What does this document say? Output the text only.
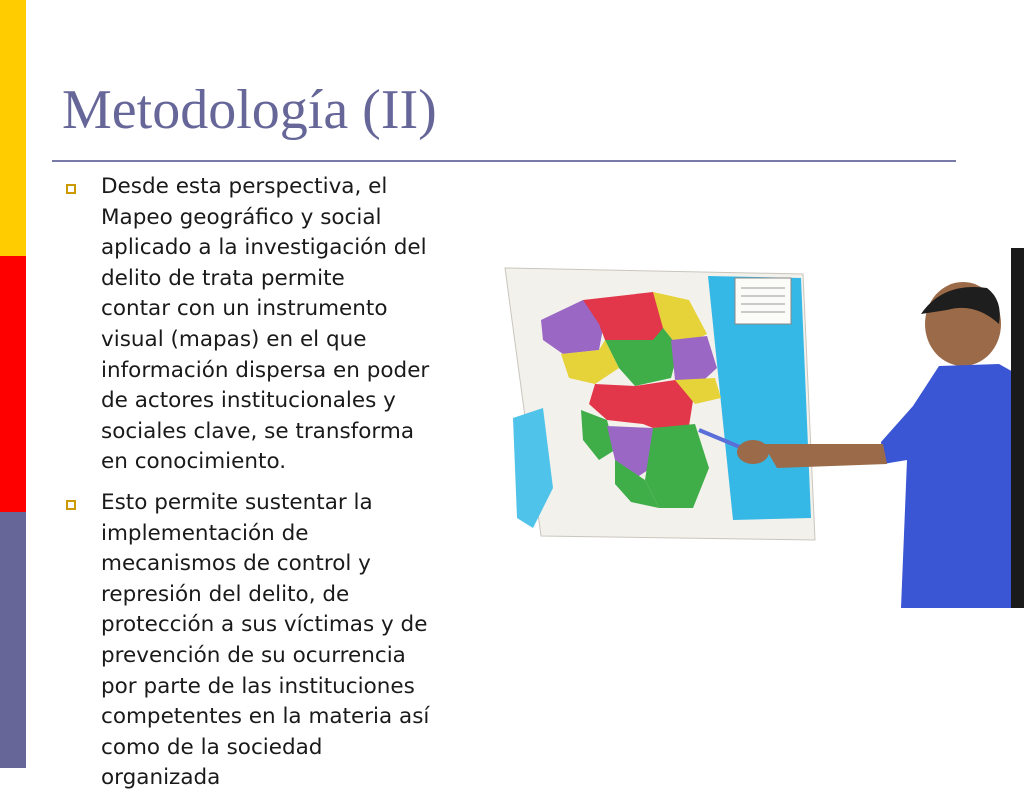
Metodología (II)
Desde esta perspectiva, el
Mapeo geográfico y social
aplicado a la investigación del
delito de trata permite
contar con un instrumento
visual (mapas) en el que
información dispersa en poder
de actores institucionales y
sociales clave, se transforma
en conocimiento.
Esto permite sustentar la
implementación de
mecanismos de control y
represión del delito, de
protección a sus víctimas y de
prevención de su ocurrencia
por parte de las instituciones
competentes en la materia así
como de la sociedad
organizada
